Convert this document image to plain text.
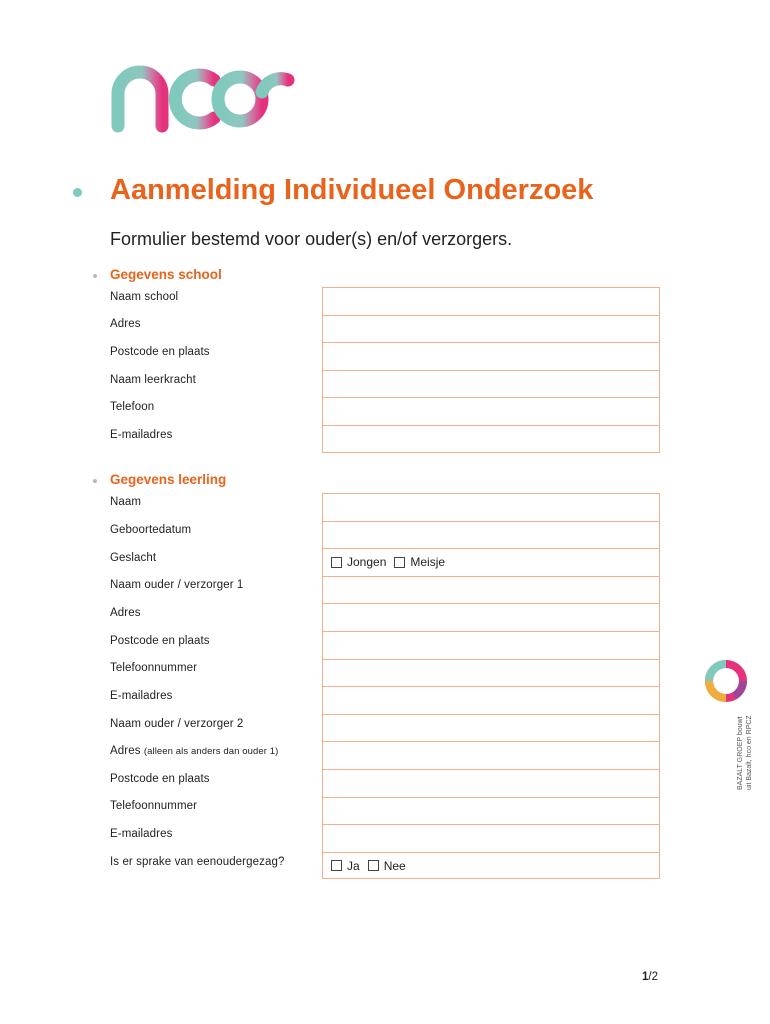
Aanmelding Individueel Onderzoek
Formulier bestemd voor ouder(s) en/of verzorgers.
Gegevens school
Naam school
Adres
Postcode en plaats
Naam leerkracht
Telefoon
E-mailadres
Gegevens leerling
Naam
Geboortedatum
Geslacht
Naam ouder / verzorger 1
Adres
Postcode en plaats
Telefoonnummer
E-mailadres
Naam ouder / verzorger 2
Adres (alleen als anders dan ouder 1)
Postcode en plaats
Telefoonnummer
E-mailadres
Is er sprake van eenoudergezag?
Jongen Meisje
Ja Nee
BAZALT GROEP bouwt uit Bazalt, hco en RPCZ
1/2
